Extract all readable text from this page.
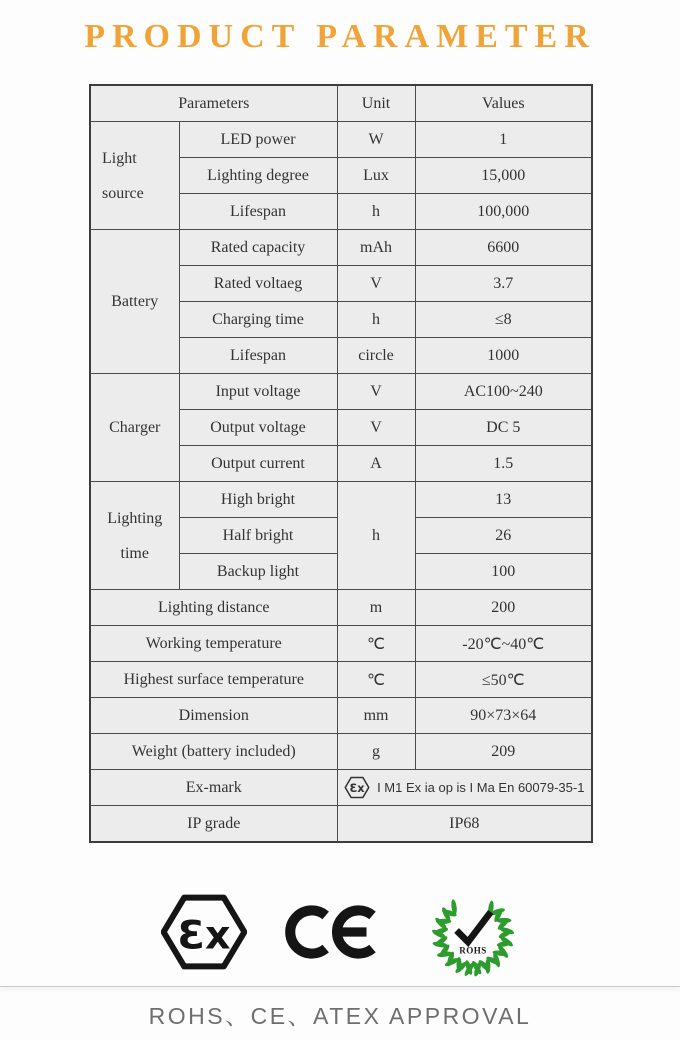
PRODUCT PARAMETER
Parameters		Unit	Values
Light source	LED power	W	1
	Lighting degree	Lux	15,000
	Lifespan	h	100,000
Battery	Rated capacity	mAh	6600
	Rated voltaeg	V	3.7
	Charging time	h	≤8
	Lifespan	circle	1000
Charger	Input voltage	V	AC100~240
	Output voltage	V	DC 5
	Output current	A	1.5
Lighting time	High bright	h	13
	Half bright		26
	Backup light		100
Lighting distance		m	200
Working temperature		℃	-20℃~40℃
Highest surface temperature		℃	≤50℃
Dimension		mm	90×73×64
Weight (battery included)		g	209
Ex-mark		Ɛx I M1 Ex ia op is I Ma En 60079-35-1	

IP grade		IP68	
Ɛx	ROHS
ROHS、CE、ATEX APPROVAL
